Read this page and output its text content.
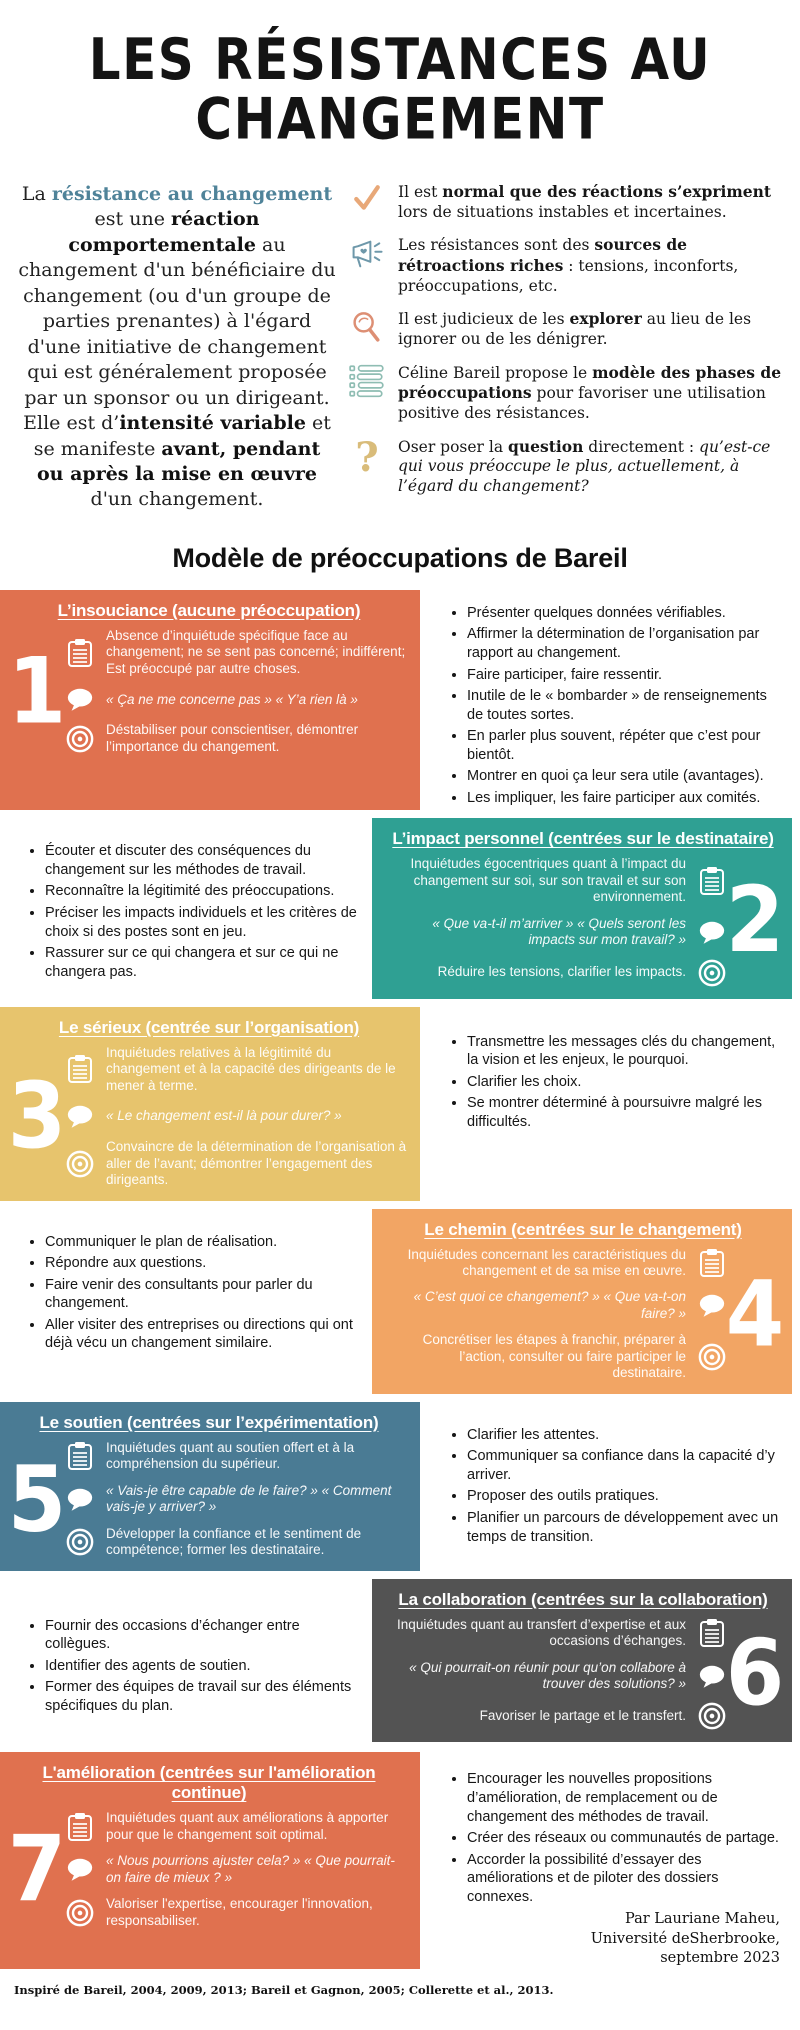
LES RÉSISTANCES AU CHANGEMENT
La résistance au changement est une réaction comportementale au changement d'un bénéficiaire du changement (ou d'un groupe de parties prenantes) à l'égard d'une initiative de changement qui est généralement proposée par un sponsor ou un dirigeant. Elle est d’intensité variable et se manifeste avant, pendant ou après la mise en œuvre d'un changement.
Il est normal que des réactions s’expriment lors de situations instables et incertaines.
Les résistances sont des sources de rétroactions riches : tensions, inconforts, préoccupations, etc.
Il est judicieux de les explorer au lieu de les ignorer ou de les dénigrer.
Céline Bareil propose le modèle des phases de préoccupations pour favoriser une utilisation positive des résistances.
? Oser poser la question directement : qu’est-ce qui vous préoccupe le plus, actuellement, à l’égard du changement?
Modèle de préoccupations de Bareil
L’insouciance (aucune préoccupation)
1
Absence d’inquiétude spécifique face au changement; ne se sent pas concerné; indifférent; Est préoccupé par autre choses.
« Ça ne me concerne pas » « Y’a rien là »
Déstabiliser pour conscientiser, démontrer l’importance du changement.
• Présenter quelques données vérifiables.
• Affirmer la détermination de l’organisation par rapport au changement.
• Faire participer, faire ressentir.
• Inutile de le « bombarder » de renseignements de toutes sortes.
• En parler plus souvent, répéter que c’est pour bientôt.
• Montrer en quoi ça leur sera utile (avantages).
• Les impliquer, les faire participer aux comités.
• Écouter et discuter des conséquences du changement sur les méthodes de travail.
• Reconnaître la légitimité des préoccupations.
• Préciser les impacts individuels et les critères de choix si des postes sont en jeu.
• Rassurer sur ce qui changera et sur ce qui ne changera pas.
L’impact personnel (centrées sur le destinataire)
Inquiétudes égocentriques quant à l’impact du changement sur soi, sur son travail et sur son environnement.
« Que va-t-il m’arriver » « Quels seront les impacts sur mon travail? »
Réduire les tensions, clarifier les impacts. 2
Le sérieux (centrée sur l’organisation)
3
Inquiétudes relatives à la légitimité du changement et à la capacité des dirigeants de le mener à terme.
« Le changement est-il là pour durer? »
Convaincre de la détermination de l’organisation à aller de l’avant; démontrer l’engagement des dirigeants.
• Transmettre les messages clés du changement, la vision et les enjeux, le pourquoi.
• Clarifier les choix.
• Se montrer déterminé à poursuivre malgré les difficultés.
• Communiquer le plan de réalisation.
• Répondre aux questions.
• Faire venir des consultants pour parler du changement.
• Aller visiter des entreprises ou directions qui ont déjà vécu un changement similaire.
Le chemin (centrées sur le changement)
Inquiétudes concernant les caractéristiques du changement et de sa mise en œuvre.
« C’est quoi ce changement? » « Que va-t-on faire? »
Concrétiser les étapes à franchir, préparer à l’action, consulter ou faire participer le destinataire.
4
Le soutien (centrées sur l’expérimentation)
5	Inquiétudes quant au soutien offert et à la compréhension du supérieur.
« Vais-je être capable de le faire? » « Comment vais-je y arriver? »
Développer la confiance et le sentiment de compétence; former les destinataire.
• Clarifier les attentes.
• Communiquer sa confiance dans la capacité d’y arriver.
• Proposer des outils pratiques.
• Planifier un parcours de développement avec un temps de transition.
• Fournir des occasions d’échanger entre collègues.
• Identifier des agents de soutien.
• Former des équipes de travail sur des éléments spécifiques du plan.
La collaboration (centrées sur la collaboration)
Inquiétudes quant au transfert d’expertise et aux occasions d’échanges.
« Qui pourrait-on réunir pour qu’on collabore à trouver des solutions? »
Favoriser le partage et le transfert. 6
L'amélioration (centrées sur l'amélioration continue)
7	Inquiétudes quant aux améliorations à apporter pour que le changement soit optimal.
« Nous pourrions ajuster cela? » « Que pourrait-on faire de mieux ? »
Valoriser l'expertise, encourager l'innovation, responsabiliser.
• Encourager les nouvelles propositions d’amélioration, de remplacement ou de changement des méthodes de travail.
• Créer des réseaux ou communautés de partage.
• Accorder la possibilité d’essayer des améliorations et de piloter des dossiers connexes.
Par Lauriane Maheu,
Université deSherbrooke,
septembre 2023
Inspiré de Bareil, 2004, 2009, 2013; Bareil et Gagnon, 2005; Collerette et al., 2013.
